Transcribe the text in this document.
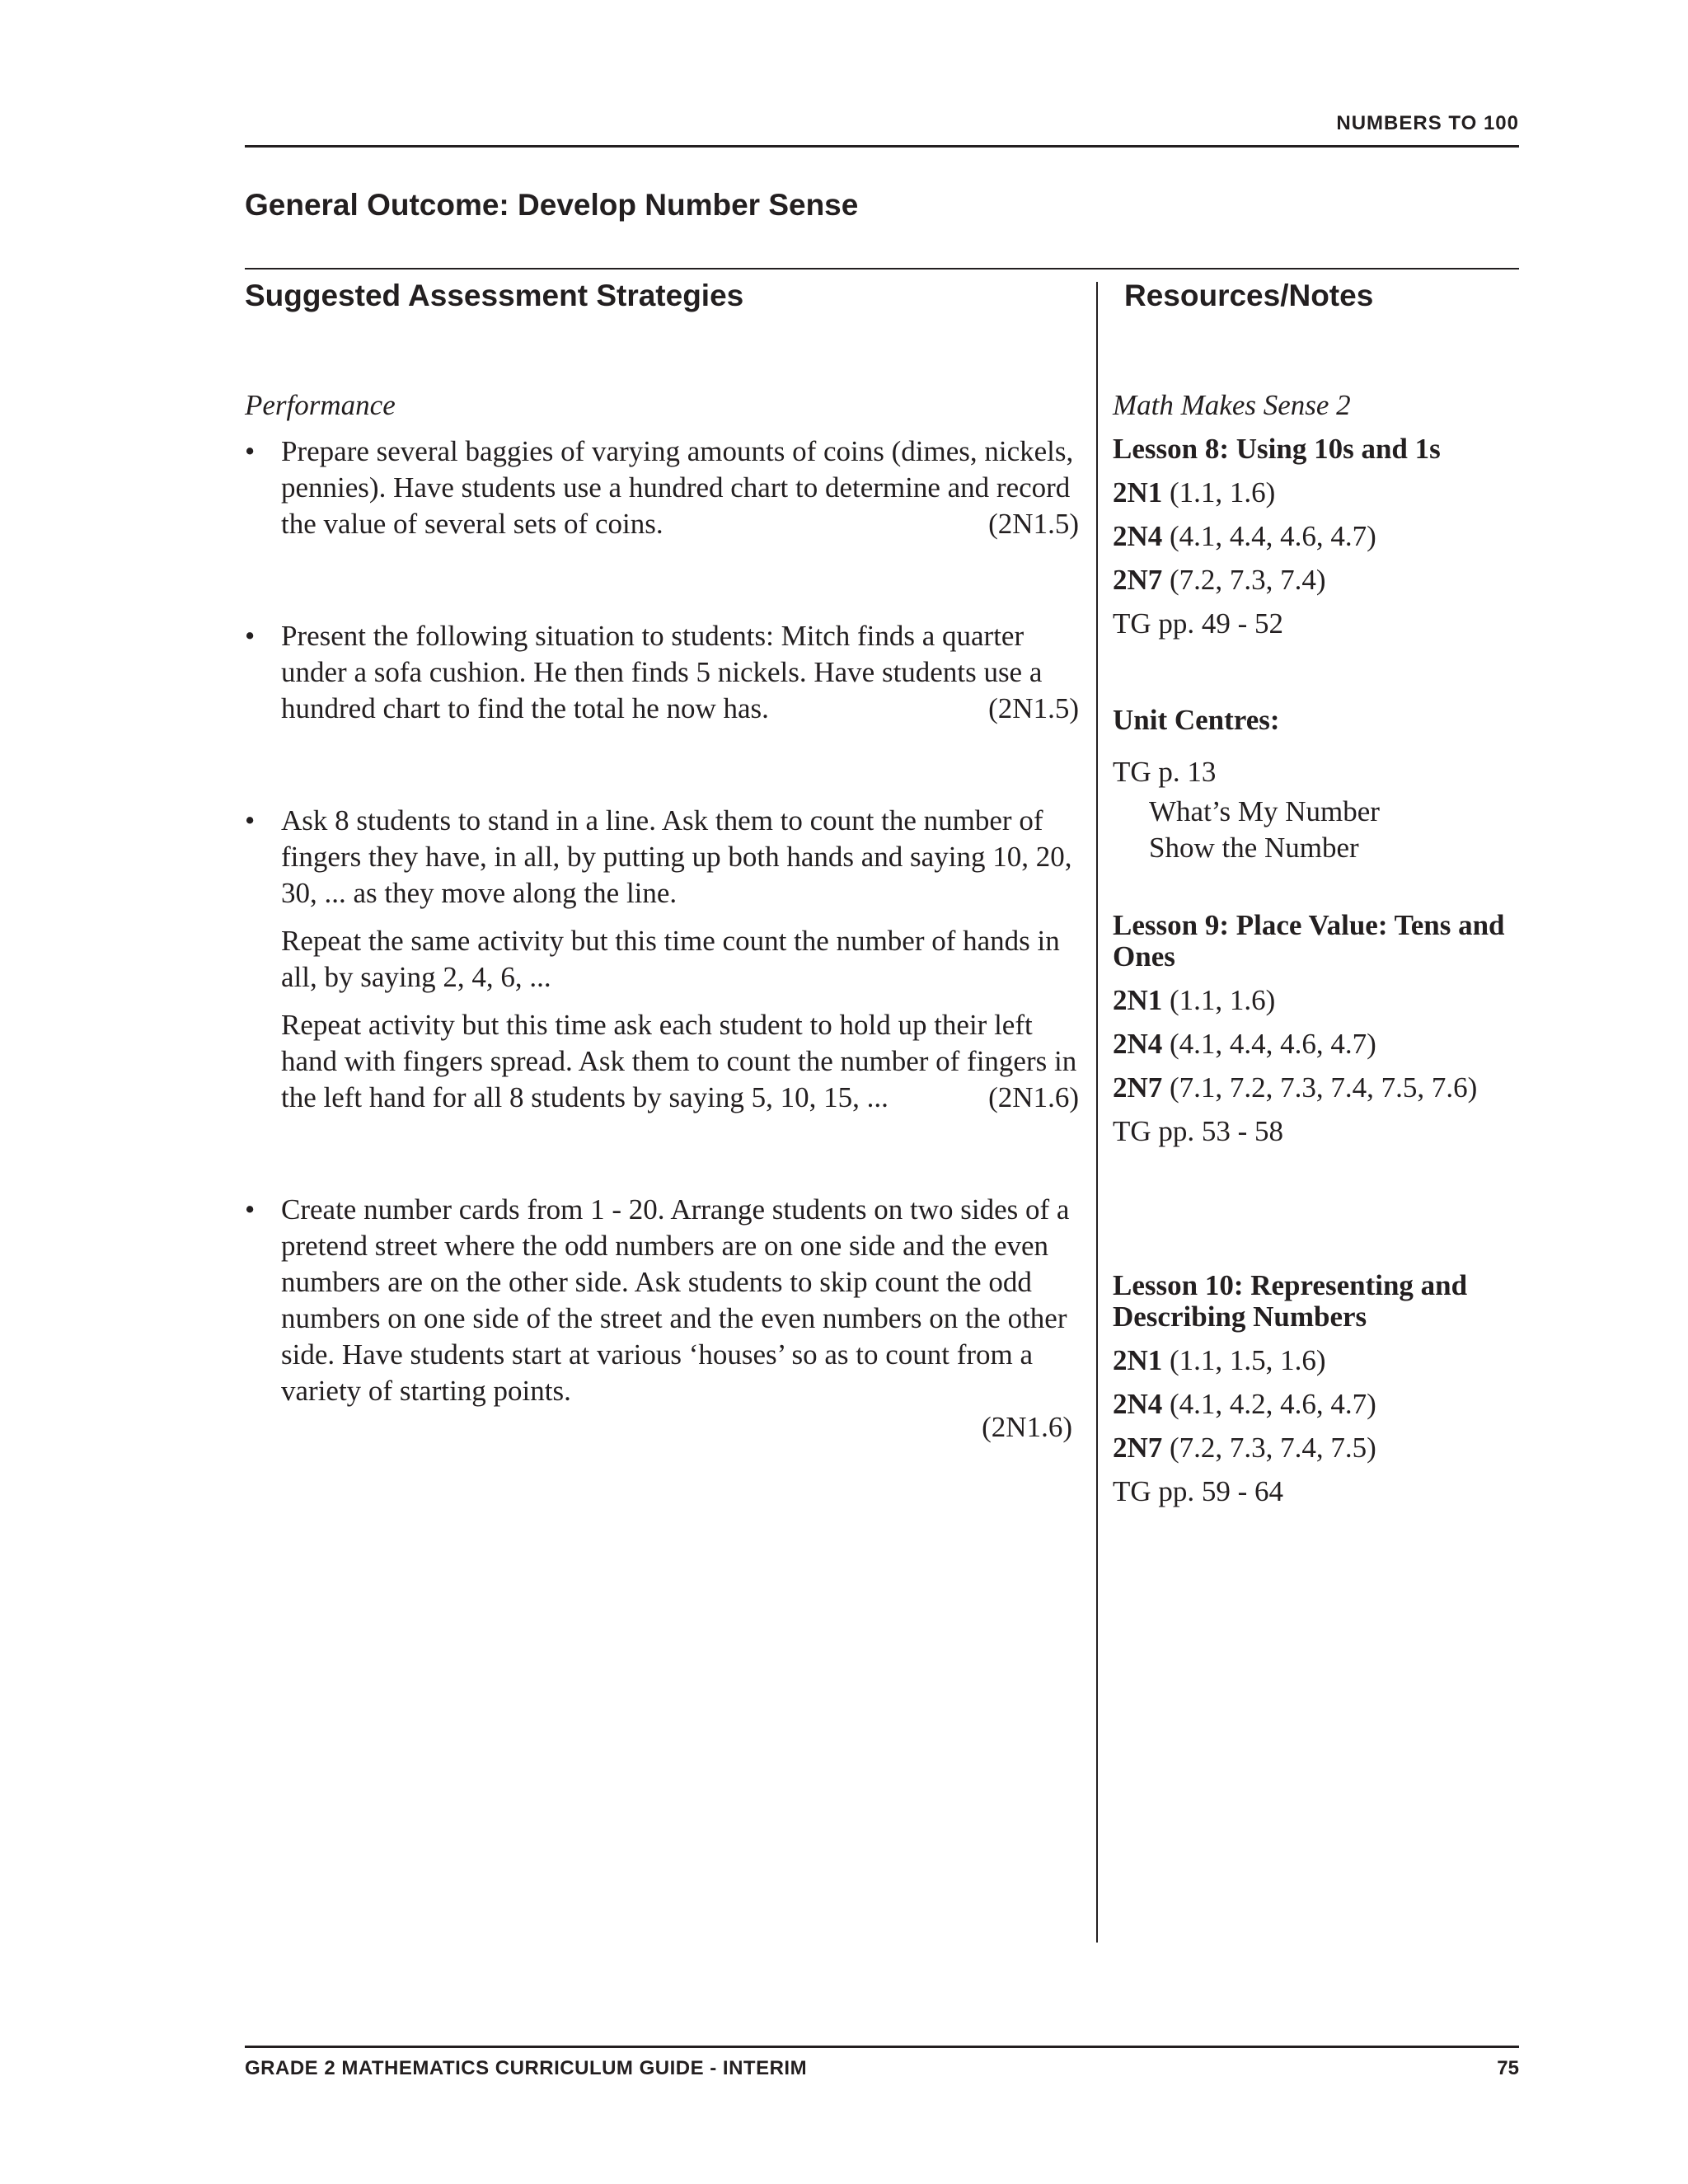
NUMBERS TO 100
General Outcome: Develop Number Sense
Suggested Assessment Strategies	Resources/Notes
Performance
• Prepare several baggies of varying amounts of coins (dimes, nickels, pennies). Have students use a hundred chart to determine and record the value of several sets of coins.	(2N1.5)

• Present the following situation to students: Mitch finds a quarter under a sofa cushion. He then finds 5 nickels. Have students use a hundred chart to find the total he now has.	(2N1.5)

• Ask 8 students to stand in a line. Ask them to count the number of fingers they have, in all, by putting up both hands and saying 10, 20, 30, ... as they move along the line.

Repeat the same activity but this time count the number of hands in all, by saying 2, 4, 6, ...

Repeat activity but this time ask each student to hold up their left hand with fingers spread. Ask them to count the number of fingers in the left hand for all 8 students by saying 5, 10, 15, ...	(2N1.6)

• Create number cards from 1 - 20. Arrange students on two sides of a pretend street where the odd numbers are on one side and the even numbers are on the other side. Ask students to skip count the odd numbers on one side of the street and the even numbers on the other side. Have students start at various ‘houses’ so as to count from a variety of starting points.

(2N1.6)
Math Makes Sense 2
Lesson 8: Using 10s and 1s
2N1 (1.1, 1.6)
2N4 (4.1, 4.4, 4.6, 4.7)
2N7 (7.2, 7.3, 7.4)
TG pp. 49 - 52
Unit Centres:
TG p. 13
What’s My Number
Show the Number
Lesson 9: Place Value: Tens and Ones
2N1 (1.1, 1.6)
2N4 (4.1, 4.4, 4.6, 4.7)
2N7 (7.1, 7.2, 7.3, 7.4, 7.5, 7.6)
TG pp. 53 - 58
Lesson 10: Representing and Describing Numbers
2N1 (1.1, 1.5, 1.6)
2N4 (4.1, 4.2, 4.6, 4.7)
2N7 (7.2, 7.3, 7.4, 7.5)
TG pp. 59 - 64
GRADE 2 MATHEMATICS CURRICULUM GUIDE - INTERIM	75
